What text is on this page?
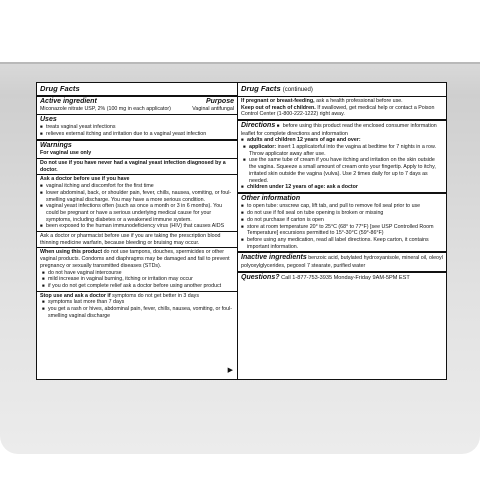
Drug Facts
Active ingredient	Purpose
Miconazole nitrate USP, 2% (100 mg in each applicator)	Vaginal antifungal
Uses
■ treats vaginal yeast infections
■ relieves external itching and irritation due to a vaginal yeast infection
Warnings
For vaginal use only
Do not use if you have never had a vaginal yeast infection diagnosed by a doctor.
Ask a doctor before use if you have
■ vaginal itching and discomfort for the first time
■ lower abdominal, back, or shoulder pain, fever, chills, nausea, vomiting, or foul-smelling vaginal discharge. You may have a more serious condition.
■ vaginal yeast infections often (such as once a month or 3 in 6 months). You could be pregnant or have a serious underlying medical cause for your symptoms, including diabetes or a weakened immune system.
■ been exposed to the human immunodeficiency virus (HIV) that causes AIDS
Ask a doctor or pharmacist before use if you are taking the prescription blood thinning medicine warfarin, because bleeding or bruising may occur.
When using this product do not use tampons, douches, spermicides or other vaginal products. Condoms and diaphragms may be damaged and fail to prevent pregnancy or sexually transmitted diseases (STDs).
■ do not have vaginal intercourse
■ mild increase in vaginal burning, itching or irritation may occur
■ if you do not get complete relief ask a doctor before using another product
Stop use and ask a doctor if symptoms do not get better in 3 days
■ symptoms last more than 7 days
■ you get a rash or hives, abdominal pain, fever, chills, nausea, vomiting, or foul-smelling vaginal discharge
▶
Drug Facts (continued)
If pregnant or breast-feeding, ask a health professional before use.
Keep out of reach of children. If swallowed, get medical help or contact a Poison Control Center (1-800-222-1222) right away.
Directions ■ before using this product read the enclosed consumer information leaflet for complete directions and information
■ adults and children 12 years of age and over:
■ applicator: insert 1 applicatorful into the vagina at bedtime for 7 nights in a row. Throw applicator away after use.
■ use the same tube of cream if you have itching and irritation on the skin outside the vagina. Squeeze a small amount of cream onto your fingertip. Apply to itchy, irritated skin outside the vagina (vulva). Use 2 times daily for up to 7 days as needed.
■ children under 12 years of age: ask a doctor
Other information
■ to open tube: unscrew cap, lift tab, and pull to remove foil seal prior to use
■ do not use if foil seal on tube opening is broken or missing
■ do not purchase if carton is open
■ store at room temperature 20° to 25°C (68° to 77°F) [see USP Controlled Room Temperature] excursions permitted to 15°-30°C (59°-86°F)
■ before using any medication, read all label directions. Keep carton, it contains important information.
Inactive ingredients benzoic acid, butylated hydroxyanisole, mineral oil, oleoyl polyoxylglycerides, pegoxol 7 stearate, purified water
Questions? Call 1-877-753-3935 Monday-Friday 9AM-5PM EST
